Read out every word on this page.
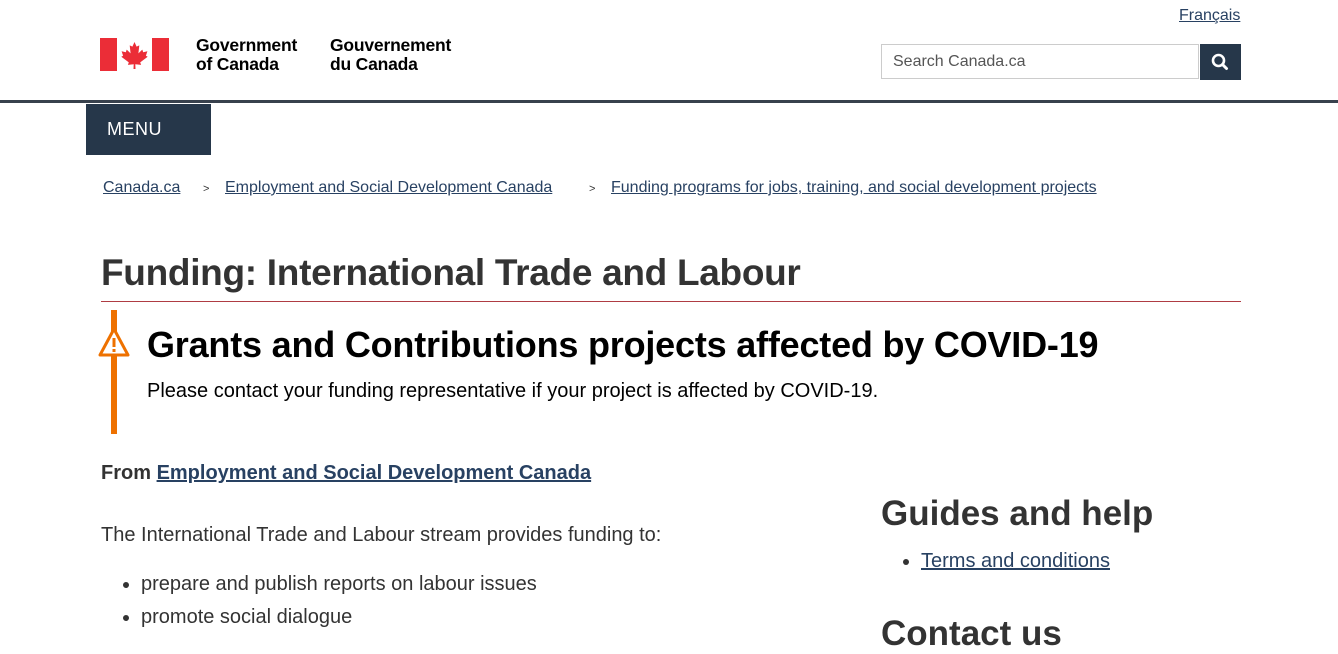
Français
Government
of Canada
Gouvernement
du Canada
Search Canada.ca
MENU
Canada.ca > Employment and Social Development Canada	> Funding programs for jobs, training, and social development projects
Funding: International Trade and Labour
Grants and Contributions projects affected by COVID-19
Please contact your funding representative if your project is affected by COVID-19.
From Employment and Social Development Canada

The International Trade and Labour stream provides funding to:

• prepare and publish reports on labour issues
• promote social dialogue
Guides and help
• Terms and conditions
Contact us
